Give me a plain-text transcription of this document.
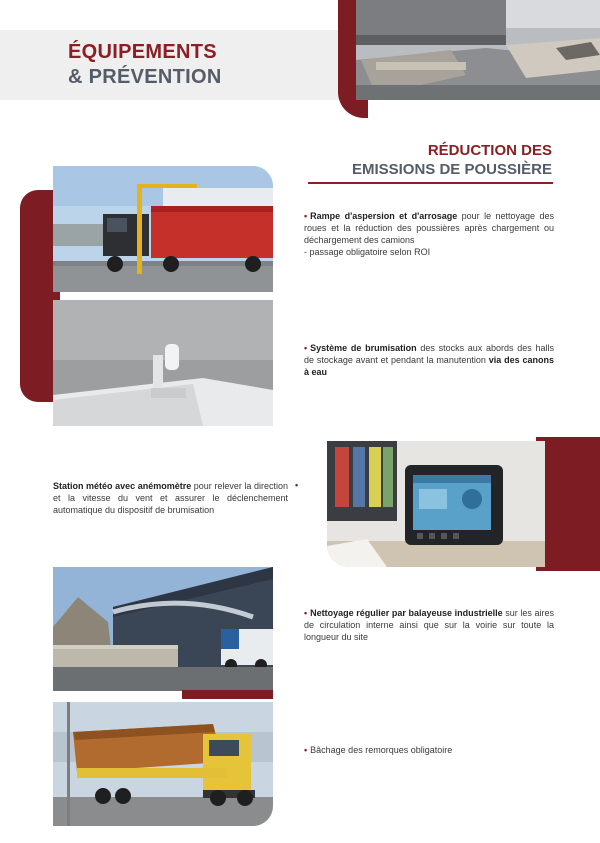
ÉQUIPEMENTS
& PRÉVENTION
RÉDUCTION DES
EMISSIONS DE POUSSIÈRE
• Rampe d'aspersion et d'arrosage pour le nettoyage des roues et la réduction des poussières après chargement ou déchargement des camions
- passage obligatoire selon ROI
• Système de brumisation des stocks aux abords des halls de stockage avant et pendant la manutention via des canons à eau
Station météo avec anémomètre pour relever la direction et la vitesse du vent et assurer le déclenchement automatique du dispositif de brumisation
•
• Nettoyage régulier par balayeuse industrielle sur les aires de circulation interne ainsi que sur la voirie sur toute la longueur du site
• Bâchage des remorques obligatoire
